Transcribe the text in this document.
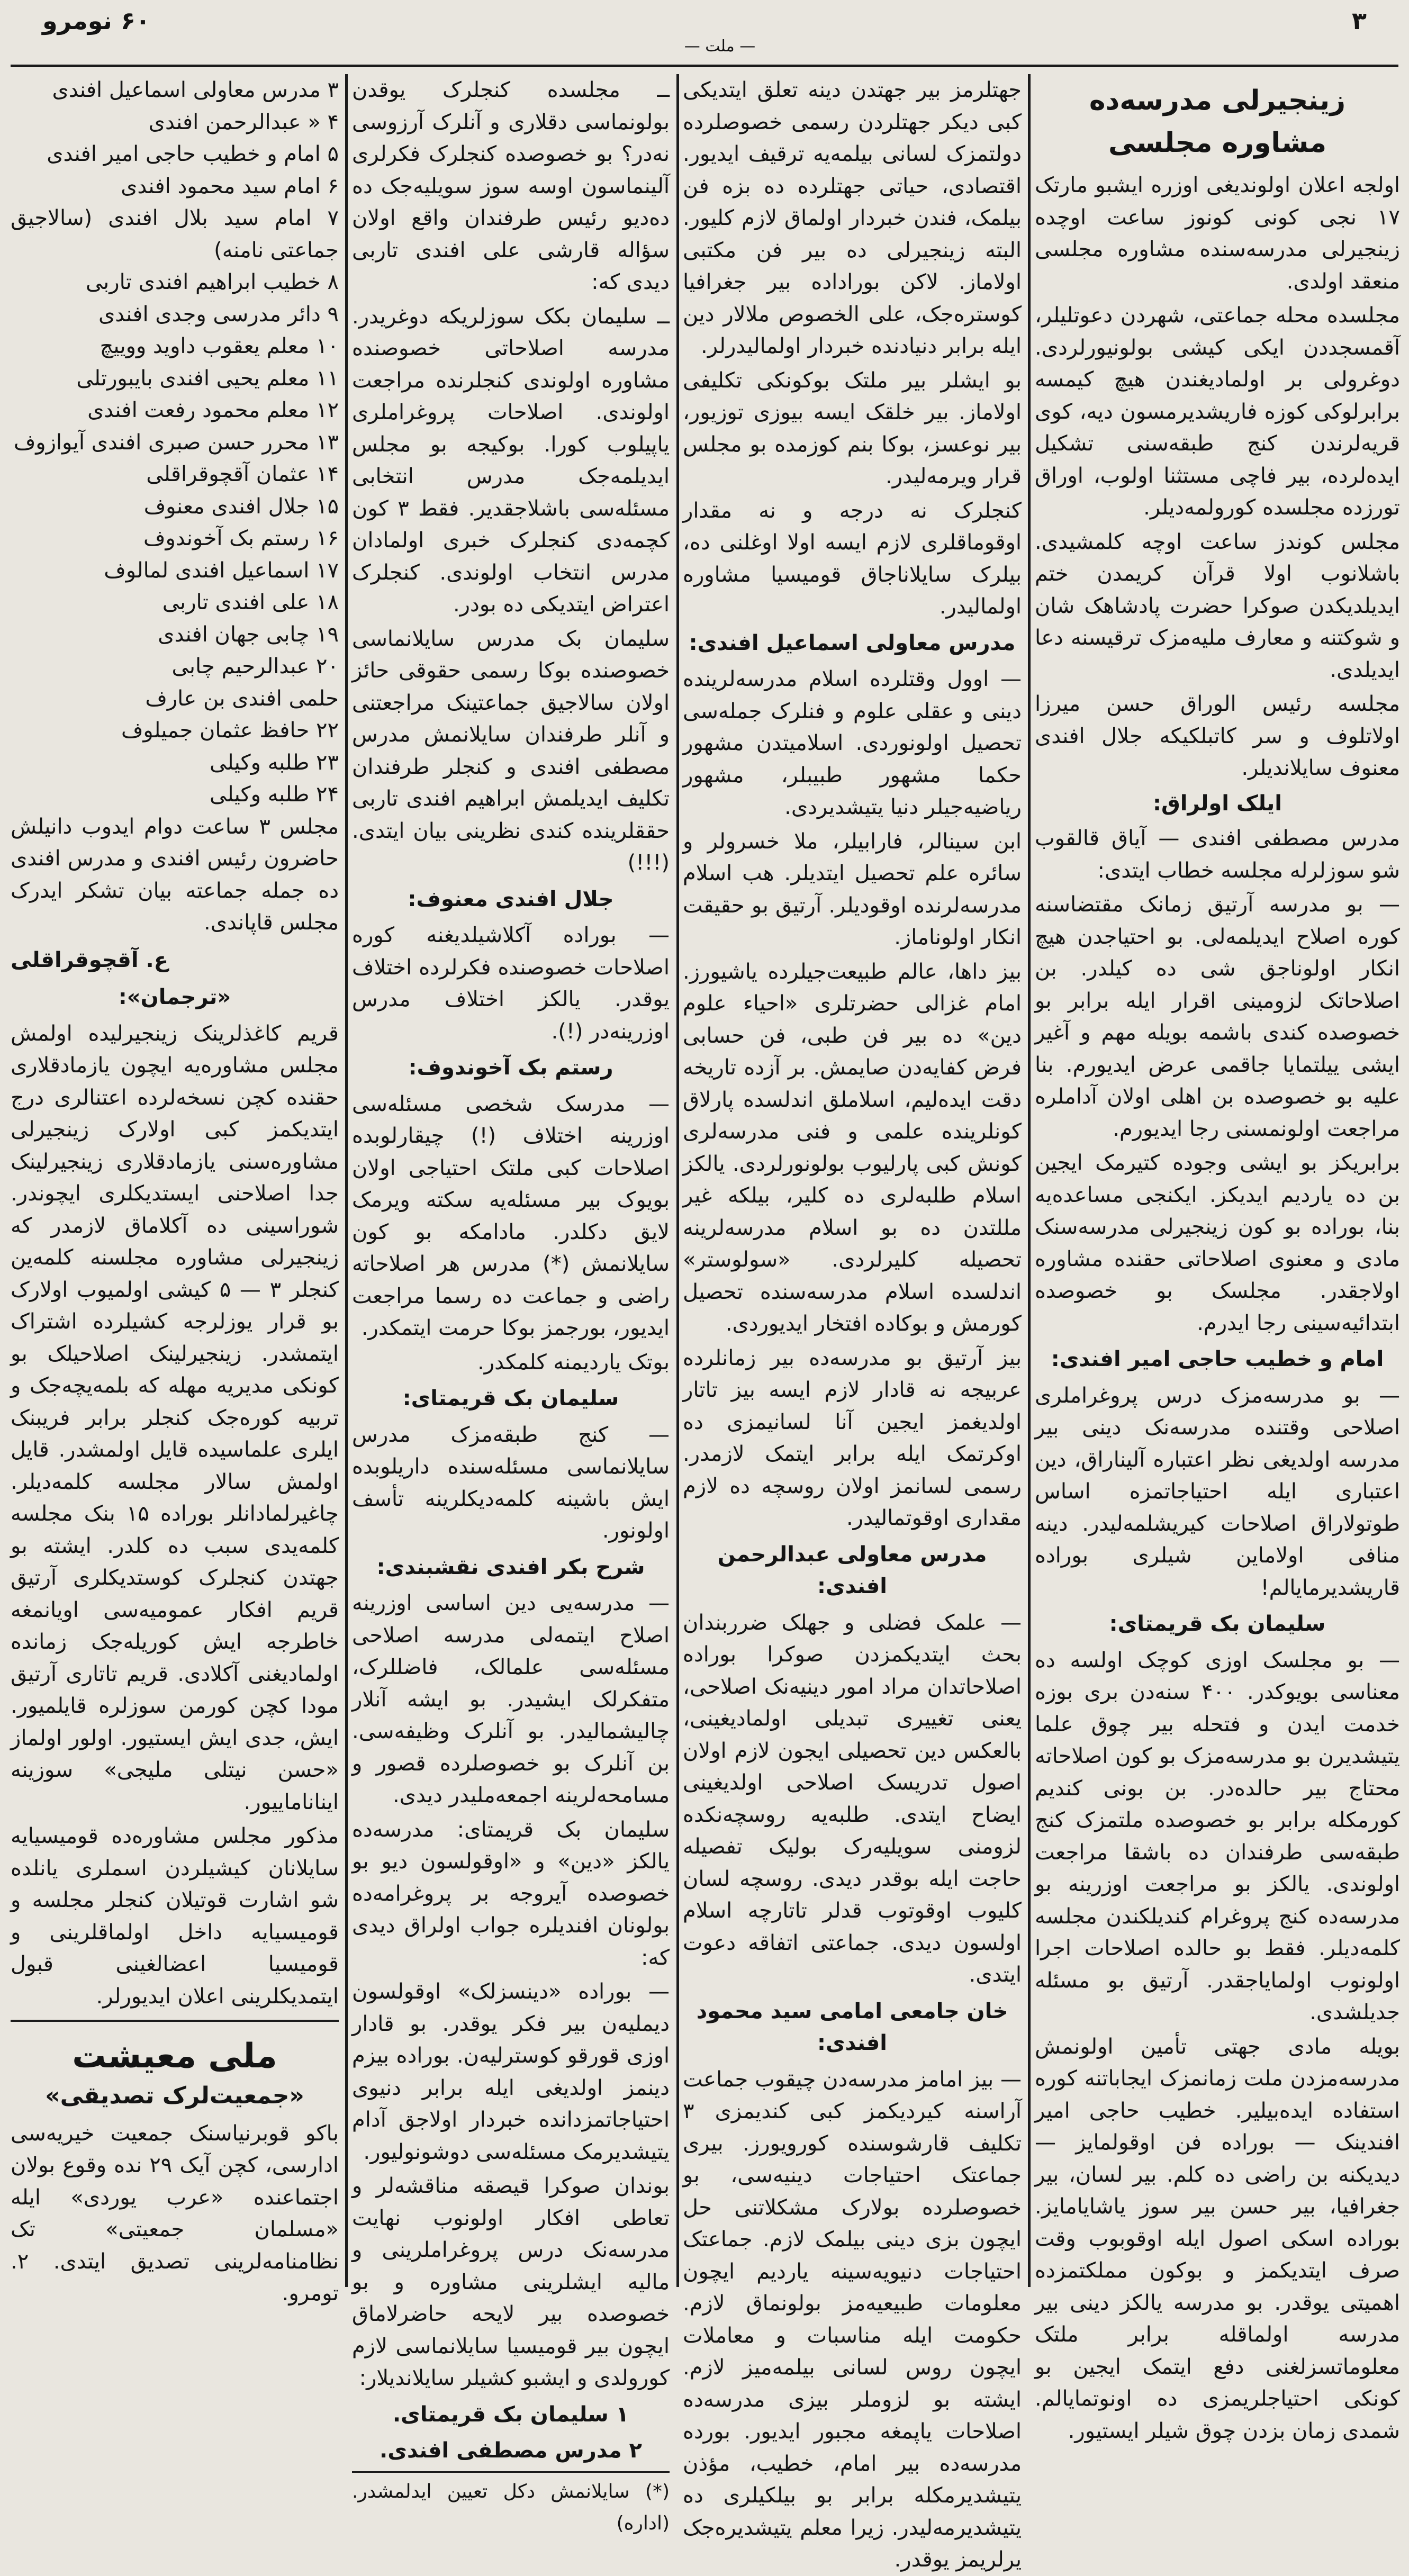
۶۰ نومرو
— ملت —
۳
زینجیرلی مدرسه‌ده مشاوره مجلسی

اولجه اعلان اولوندیغی اوزره ایشبو مارتک ۱۷ نجی کونی کونوز ساعت اوچده زینجیرلی مدرسه‌سنده مشاوره مجلسی منعقد اولدی.

مجلسده محله جماعتی، شهردن دعوتلیلر، آقمسجددن ایکی کیشی بولونیورلردی. دوغرولی بر اولمادیغندن هیچ کیمسه برابرلوکی کوزه فاریشدیرمسون دیه، کوی قریه‌لرندن کنج طبقه‌سنی تشکیل ایده‌لرده، بیر فاچی مستثنا اولوب، اوراق تورزده مجلسده کورولمه‌دیلر.

مجلس کوندز ساعت اوچه کلمشیدی. باشلانوب اولا قرآن کریمدن ختم ایدیلدیکدن صوکرا حضرت پادشاهک شان و شوکتنه و معارف ملیه‌مزک ترقیسنه دعا ایدیلدی.

مجلسه رئیس الوراق حسن میرزا اولاتلوف و سر کاتبلکیکه جلال افندی معنوف سایلاندیلر.

ایلک اولراق:

مدرس مصطفی افندی — آیاق قالقوب شو سوزلرله مجلسه خطاب ایتدی:

— بو مدرسه آرتیق زمانک مقتضاسنه کوره اصلاح ایدیلمه‌لی. بو احتیاجدن هیچ انکار اولوناجق شی ده کیلدر. بن اصلاحاتک لزومینی اقرار ایله برابر بو خصوصده کندی باشمه بویله مهم و آغیر ایشی ییلتمایا جاقمی عرض ایدیورم. بنا علیه بو خصوصده بن اهلی اولان آداملره مراجعت اولونمسنی رجا ایدیورم.

برابریکز بو ایشی وجوده کتیرمک ایجین بن ده یاردیم ایدیکز. ایکنجی مساعده‌یه بنا، بوراده بو کون زینجیرلی مدرسه‌سنک مادی و معنوی اصلاحاتی حقنده مشاوره اولاجقدر. مجلسک بو خصوصده ابتدائیه‌سینی رجا ایدرم.

امام و خطیب حاجی امیر افندی:

— بو مدرسه‌مزک درس پروغراملری اصلاحی وقتنده مدرسه‌نک دینی بیر مدرسه اولدیغی نظر اعتباره آلیناراق، دین اعتباری ایله احتیاجاتمزه اساس طوتولاراق اصلاحات کیریشلمه‌لیدر. دینه منافی اولاماین شیلری بوراده قاریشدیرمایالم!

سلیمان بک قریمتای:

— بو مجلسک اوزی کوچک اولسه ده معنا‌سی بویوکدر. ۴۰۰ سنه‌دن بری بوزه خدمت ایدن و فتحله بیر چوق علما یتیشدیرن بو مدرسه‌مزک بو کون اصلاحاته محتاج بیر حالده‌در. بن بونی کندیم کورمکله برابر بو خصوصده ملتمزک کنج طبقه‌سی طرفندان ده باشقا مراجعت اولوندی. یالکز بو مراجعت اوزرینه بو مدرسه‌ده کنج پروغرام کندیلکندن مجلسه کلمه‌دیلر. فقط بو حالده اصلاحات اجرا اولونوب اولمایاجقدر. آرتیق بو مسئله جدیلشدی.

بویله مادی جهتی تأمین اولونمش مدرسه‌مزدن ملت زمانمزک ایجاباتنه کوره استفاده ایده‌بیلیر. خطیب حاجی امیر افندینک — بوراده فن اوقولمایز — دیدیکنه بن راضی ده کلم. بیر لسان، بیر جغرافیا، بیر حسن بیر سوز یاشایامایز. بوراده اسکی اصول ایله اوقوبوب وقت صرف ایتدیکمز و بوکون مملکتمزده اهمیتی یوقدر. بو مدرسه یالکز دینی بیر مدرسه اولماقله برابر ملتک معلوماتسزلغنی دفع ایتمک ایجین بو کونکی احتیاجلریمزی ده اونوتمایالم. شمدی زمان بزدن چوق شیلر ایستیور.

جهتلرمز بیر جهتدن دینه تعلق ایتدیکی کبی دیکر جهتلردن رسمی خصوصلرده دولتمزک لسانی بیلمه‌یه ترقیف ایدیور. اقتصادی، حیاتی جهتلرده ده بزه فن بیلمک، فندن خبردار اولماق لازم کلیور. البته زینجیرلی ده بیر فن مکتبی اولاماز. لاکن بوراداده بیر جغرافیا کوستره‌جک، علی الخصوص ملالار دین ایله برابر دنیادنده خبردار اولمالیدرلر.

بو ایشلر بیر ملتک بوکونکی تکلیفی اولاماز. بیر خلقک ایسه بیوزی توزیور، بیر نوعسز، بوکا بنم کوزمده بو مجلس قرار ویرمه‌لیدر.

کنجلرک نه درجه و نه مقدار اوقوماقلری لازم ایسه اولا اوغلنی ده، بیلرک سایلاناجاق قومیسیا مشاوره اولمالیدر.

مدرس معاولی اسماعیل افندی:

— اوول وقتلرده اسلام مدرسه‌لرینده دینی و عقلی علوم و فنلرک جمله‌سی تحصیل اولونوردی. اسلامیتدن مشهور حکما مشهور طبیبلر، مشهور ریاضیه‌جیلر دنیا یتیشدیردی.

ابن سینالر، فارابیلر، ملا خسرولر و سائره علم تحصیل ایتدیلر. هب اسلام مدرسه‌لرنده اوقودیلر. آرتیق بو حقیقت انکار اولوناماز.

بیز داها، عالم طبیعت‌جیلرده یاشیورز. امام غزالی حضرتلری «احیاء علوم دین» ده بیر فن طبی، فن حسابی فرض کفایه‌دن صایمش. بر آزده تاریخه دقت ایده‌لیم، اسلاملق اندلسده پارلاق کونلرینده علمی و فنی مدرسه‌لری کونش کبی پارلیوب بولونورلردی. یالکز اسلام طلبه‌لری ده کلیر، بیلکه غیر مللتدن ده بو اسلام مدرسه‌لرینه تحصیله کلیرلردی. «سولوستر» اندلسده اسلام مدرسه‌سنده تحصیل کورمش و بوکاده افتخار ایدیوردی.

بیز آرتیق بو مدرسه‌ده بیر زمانلرده عربیجه نه قادار لازم ایسه بیز تاتار اولدیغمز ایجین آنا لسانیمزی ده اوکرتمک ایله برابر ایتمک لازمدر. رسمی لسانمز اولان روسچه ده لازم مقداری اوقوتمالیدر.

مدرس معاولی عبدالرحمن افندی:

— علمک فضلی و جهلک ضرربندان بحث ایتدیکمزدن صوکرا بوراده اصلاحاتدان مراد امور دینیه‌نک اصلاحی، یعنی تغییری تبدیلی اولمادیغینی، بالعکس دین تحصیلی ایجون لازم اولان اصول تدریسک اصلاحی اولدیغینی ایضاح ایتدی. طلبه‌یه روسچه‌نکده لزومنی سویلیه‌رک بولیک تفصیله حاجت ایله بوقدر دیدی. روسچه لسان کلیوب اوقوتوب قدلر تاتارچه اسلام اولسون دیدی. جماعتی اتفاقه دعوت ایتدی.

خان جامعی امامی سید محمود افندی:

— بیز امامز مدرسه‌دن چیقوب جماعت آراسنه کیردیکمز کبی کندیمزی ۳ تکلیف قارشوسنده کورویورز. بیری جماعتک احتیاجات دینیه‌سی، بو خصوصلرده بولارک مشکلاتنی حل ایچون بزی دینی بیلمک لازم. جماعتک احتیاجات دنیویه‌سینه یاردیم ایچون معلومات طبیعیه‌مز بولونماق لازم. حکومت ایله مناسبات و معاملات ایچون روس لسانی بیلمه‌میز لازم. ایشته بو لزوملر بیزی مدرسه‌ده اصلاحات یاپمغه مجبور ایدیور. بورده مدرسه‌ده بیر امام، خطیب، مؤذن یتیشدیرمکله برابر بو بیلکیلری ده یتیشدیرمه‌لیدر. زیرا معلم یتیشدیره‌جک یرلریمز یوقدر.

ــ مجلسده کنجلرک یوقدن بولونماسی دقلاری و آنلرک آرزوسی نه‌در؟ بو خصوصده کنجلرک فکرلری آلینماسون اوسه سوز سویلیه‌جک ده ده‌دیو رئیس طرفندان واقع اولان سؤاله قارشی علی افندی تاربی دیدی که:

ــ سلیمان بکک سوزلریکه دوغریدر. مدرسه اصلاحاتی خصوصنده مشاوره اولوندی کنجلرنده مراجعت اولوندی. اصلاحات پروغراملری یاپیلوب کورا. بوکیجه بو مجلس ایدیلمه‌جک مدرس انتخابی مسئله‌سی باشلاجقدیر. فقط ۳ کون کچمه‌دی کنجلرک خبری اولمادان مدرس انتخاب اولوندی. کنجلرک اعتراض ایتدیکی ده بودر.

سلیمان بک مدرس سایلانماسی خصوصنده بوکا رسمی حقوقی حائز اولان سالاجیق جماعتینک مراجعتنی و آنلر طرفندان سایلانمش مدرس مصطفی افندی و کنجلر طرفندان تکلیف ایدیلمش ابراهیم افندی تاربی حققلرینده کندی نظرینی بیان ایتدی.(!!!)

جلال افندی معنوف:

— بوراده آکلاشیلدیغنه کوره اصلاحات خصوصنده فکرلرده اختلاف یوقدر. یالکز اختلاف مدرس اوزرینه‌در (!).

رستم بک آخوندوف:

— مدرسک شخصی مسئله‌سی اوزرینه اختلاف (!) چیقارلوبده اصلاحات کبی ملتک احتیاجی اولان بویوک بیر مسئله‌یه سکته ویرمک لایق دکلدر. مادامکه بو کون سایلانمش (*) مدرس هر اصلاحاته راضی و جماعت ده رسما مراجعت ایدیور، بورجمز بوکا حرمت ایتمکدر.

بوتک یاردیمنه کلمکدر.

سلیمان بک قریمتای:

— کنج طبقه‌مزک مدرس سایلانماسی مسئله‌سنده داریلوبده ایش باشینه کلمه‌دیکلرینه تأسف اولونور.

شرح بکر افندی نقشبندی:

— مدرسه‌یی دین اساسی اوزرینه اصلاح ایتمه‌لی مدرسه اصلاحی مسئله‌سی علمالک، فاضللرک، متفکرلک ایشیدر. بو ایشه آنلار چالیشمالیدر. بو آنلرک وظیفه‌سی. بن آنلرک بو خصوصلرده قصور و مسامحه‌لرینه اجمعه‌ملیدر دیدی.

سلیمان بک قریمتای: مدرسه‌ده یالکز «دین» و «اوقولسون دیو بو خصوصده آیروجه بر پروغرامه‌ده بولونان افندیلره جواب اولراق دیدی که:

— بوراده «دینسزلک» اوقولسون دیملیه‌ن بیر فکر یوقدر. بو قادار اوزی قورقو کوسترلیه‌ن. بوراده بیزم دینمز اولدیغی ایله برابر دنیوی احتیاجاتمزدانده خبردار اولاجق آدام یتیشدیرمک مسئله‌سی دوشونولیور.

بوندان صوکرا قیصقه مناقشه‌لر و تعاطی افکار اولونوب نهایت مدرسه‌نک درس پروغراملرینی و مالیه ایشلرینی مشاوره و بو خصوصده بیر لایحه حاضرلاماق ایچون بیر قومیسیا سایلانماسی لازم کورولدی و ایشبو کشیلر سایلاندیلار:

۱ سلیمان بک قریمتای.
۲ مدرس مصطفی افندی.
(*) سایلانمش دکل تعیین ایدلمشدر. (اداره)
۳ مدرس معاولی اسماعیل افندی
۴ « عبدالرحمن افندی
۵ امام و خطیب حاجی امیر افندی
۶ امام سید محمود افندی
۷ امام سید بلال افندی (سالاجیق جماعتی نامنه)
۸ خطیب ابراهیم افندی تاربی
۹ دائر مدرسی وجدی افندی
۱۰ معلم یعقوب داوید ووییچ
۱۱ معلم یحیی افندی بایبورتلی
۱۲ معلم محمود رفعت افندی
۱۳ محرر حسن صبری افندی آیوازوف
۱۴ عثمان آقچوقراقلی
۱۵ جلال افندی معنوف
۱۶ رستم بک آخوندوف
۱۷ اسماعیل افندی لمالوف
۱۸ علی افندی تاربی
۱۹ چابی جهان افندی
۲۰ عبدالرحیم چابی
حلمی افندی بن عارف
۲۲ حافظ عثمان جمیلوف
۲۳ طلبه وکیلی
۲۴ طلبه وکیلی

مجلس ۳ ساعت دوام ایدوب دانیلش حاضرون رئیس افندی و مدرس افندی ده جمله جماعته بیان تشکر ایدرک مجلس قاپاندی.

ع. آقچوقراقلی
«ترجمان»:

قریم کاغذلرینک زینجیرلیده اولمش مجلس مشاوره‌یه ایچون یازمادقلاری حقنده کچن نسخه‌لرده اعتنالری درج ایتدیکمز کبی اولارک زینجیرلی مشاوره‌سنی یازمادقلاری زینجیرلینک جدا اصلاحنی ایستدیکلری ایچوندر. شوراسینی ده آکلاماق لازمدر که زینجیرلی مشاوره مجلسنه کلمه‌ین کنجلر ۳ — ۵ کیشی اولمیوب اولارک بو قرار یوزلرجه کشیلرده اشتراک ایتمشدر. زینجیرلینک اصلاحیلک بو کونکی مدیریه مهله که بلمه‌یچه‌جک و تربیه کوره‌جک کنجلر برابر فریبنک ایلری علماسیده قایل اولمشدر. قایل اولمش سالار مجلسه کلمه‌دیلر. چاغیرلمادانلر بوراده ۱۵ بنک مجلسه کلمه‌یدی سبب ده کلدر. ایشته بو جهتدن کنجلرک کوستدیکلری آرتیق قریم افکار عمومیه‌سی اویانمغه خاطرجه ایش کوریله‌جک زمانده اولمادیغنی آکلادی. قریم تاتاری آرتیق مودا کچن کورمن سوزلره قایلمیور. ایش، جدی ایش ایستیور. اولور اولماز «حسن نیتلی ملیجی» سوزینه ایناناماییور.

مذکور مجلس مشاوره‌ده قومیسیایه سایلانان کیشیلردن اسملری یانلده شو اشارت قوتیلان کنجلر مجلسه و قومیسیایه داخل اولماقلرینی و قومیسیا اعضالغینی قبول ایتمدیکلرینی اعلان ایدیورلر.

ملی معیشت
«جمعیت‌لرک تصدیقی»

باکو قوبرنیاسنک جمعیت خیریه‌سی ادارسی، کچن آیک ۲۹ نده وقوع بولان اجتماعنده «عرب یوردی» ایله «مسلمان جمعیتی» تک نظامنامه‌لرینی تصدیق ایتدی. ۲. تومرو.
